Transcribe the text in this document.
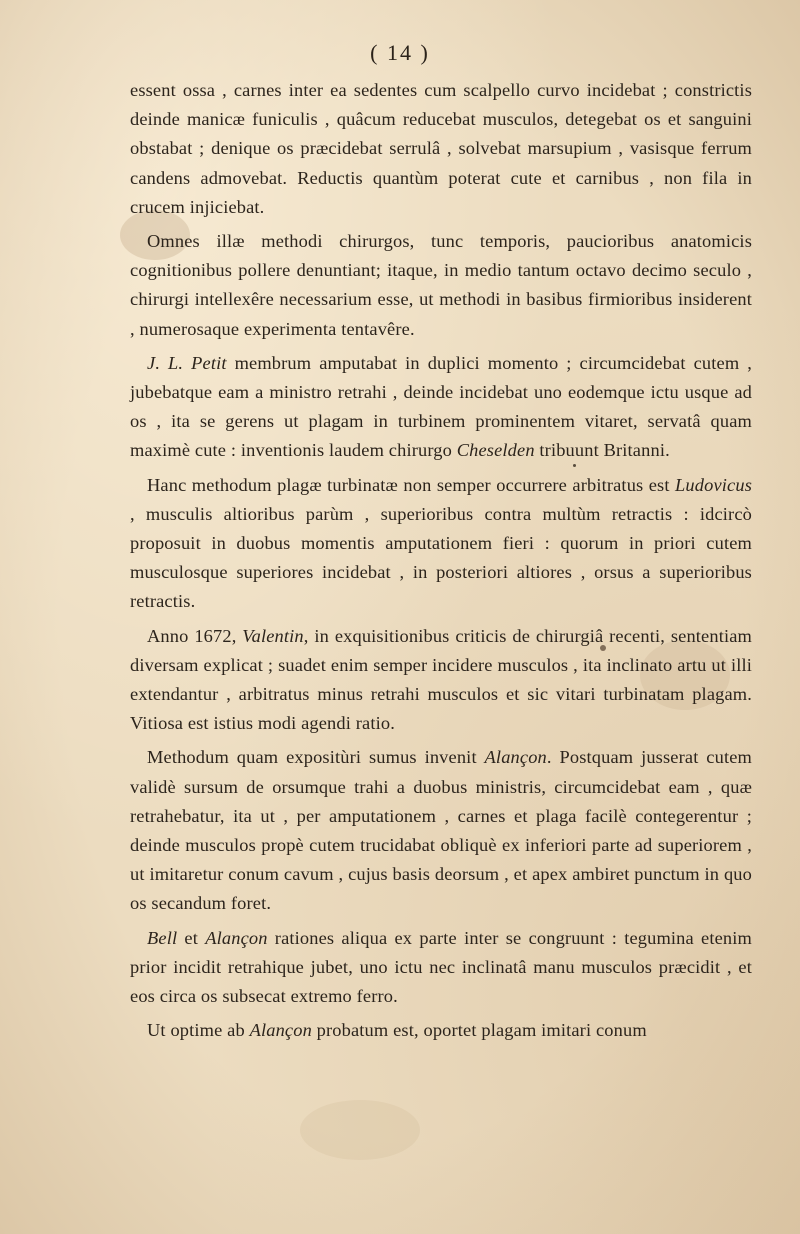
( 14 )

essent ossa , carnes inter ea sedentes cum scalpello curvo incidebat ; constrictis deinde manicæ funiculis , quâcum reducebat musculos, detegebat os et sanguini obstabat ; denique os præcidebat serrulâ , solvebat marsupium , vasisque ferrum candens admovebat. Reductis quantùm poterat cute et carnibus , non fila in crucem injiciebat.

Omnes illæ methodi chirurgos, tunc temporis, paucioribus anatomicis cognitionibus pollere denuntiant; itaque, in medio tantum octavo decimo seculo , chirurgi intellexêre necessarium esse, ut methodi in basibus firmioribus insiderent , numerosaque experimenta tentavêre.

J. L. Petit membrum amputabat in duplici momento ; circumcidebat cutem , jubebatque eam a ministro retrahi , deinde incidebat uno eodemque ictu usque ad os , ita se gerens ut plagam in turbinem prominentem vitaret, servatâ quam maximè cute : inventionis laudem chirurgo Cheselden tribuunt Britanni.

Hanc methodum plagæ turbinatæ non semper occurrere arbitratus est Ludovicus , musculis altioribus parùm , superioribus contra multùm retractis : idcircò proposuit in duobus momentis amputationem fieri : quorum in priori cutem musculosque superiores incidebat , in posteriori altiores , orsus a superioribus retractis.

Anno 1672, Valentin, in exquisitionibus criticis de chirurgiâ recenti, sententiam diversam explicat ; suadet enim semper incidere musculos , ita inclinato artu ut illi extendantur , arbitratus minus retrahi musculos et sic vitari turbinatam plagam. Vitiosa est istius modi agendi ratio.

Methodum quam expositùri sumus invenit Alançon. Postquam jusserat cutem validè sursum de orsumque trahi a duobus ministris, circumcidebat eam , quæ retrahebatur, ita ut , per amputationem , carnes et plaga facilè contegerentur ; deinde musculos propè cutem trucidabat obliquè ex inferiori parte ad superiorem , ut imitaretur conum cavum , cujus basis deorsum , et apex ambiret punctum in quo os secandum foret.

Bell et Alançon rationes aliqua ex parte inter se congruunt : tegumina etenim prior incidit retrahique jubet, uno ictu nec inclinatâ manu musculos præcidit , et eos circa os subsecat extremo ferro.

Ut optime ab Alançon probatum est, oportet plagam imitari conum
